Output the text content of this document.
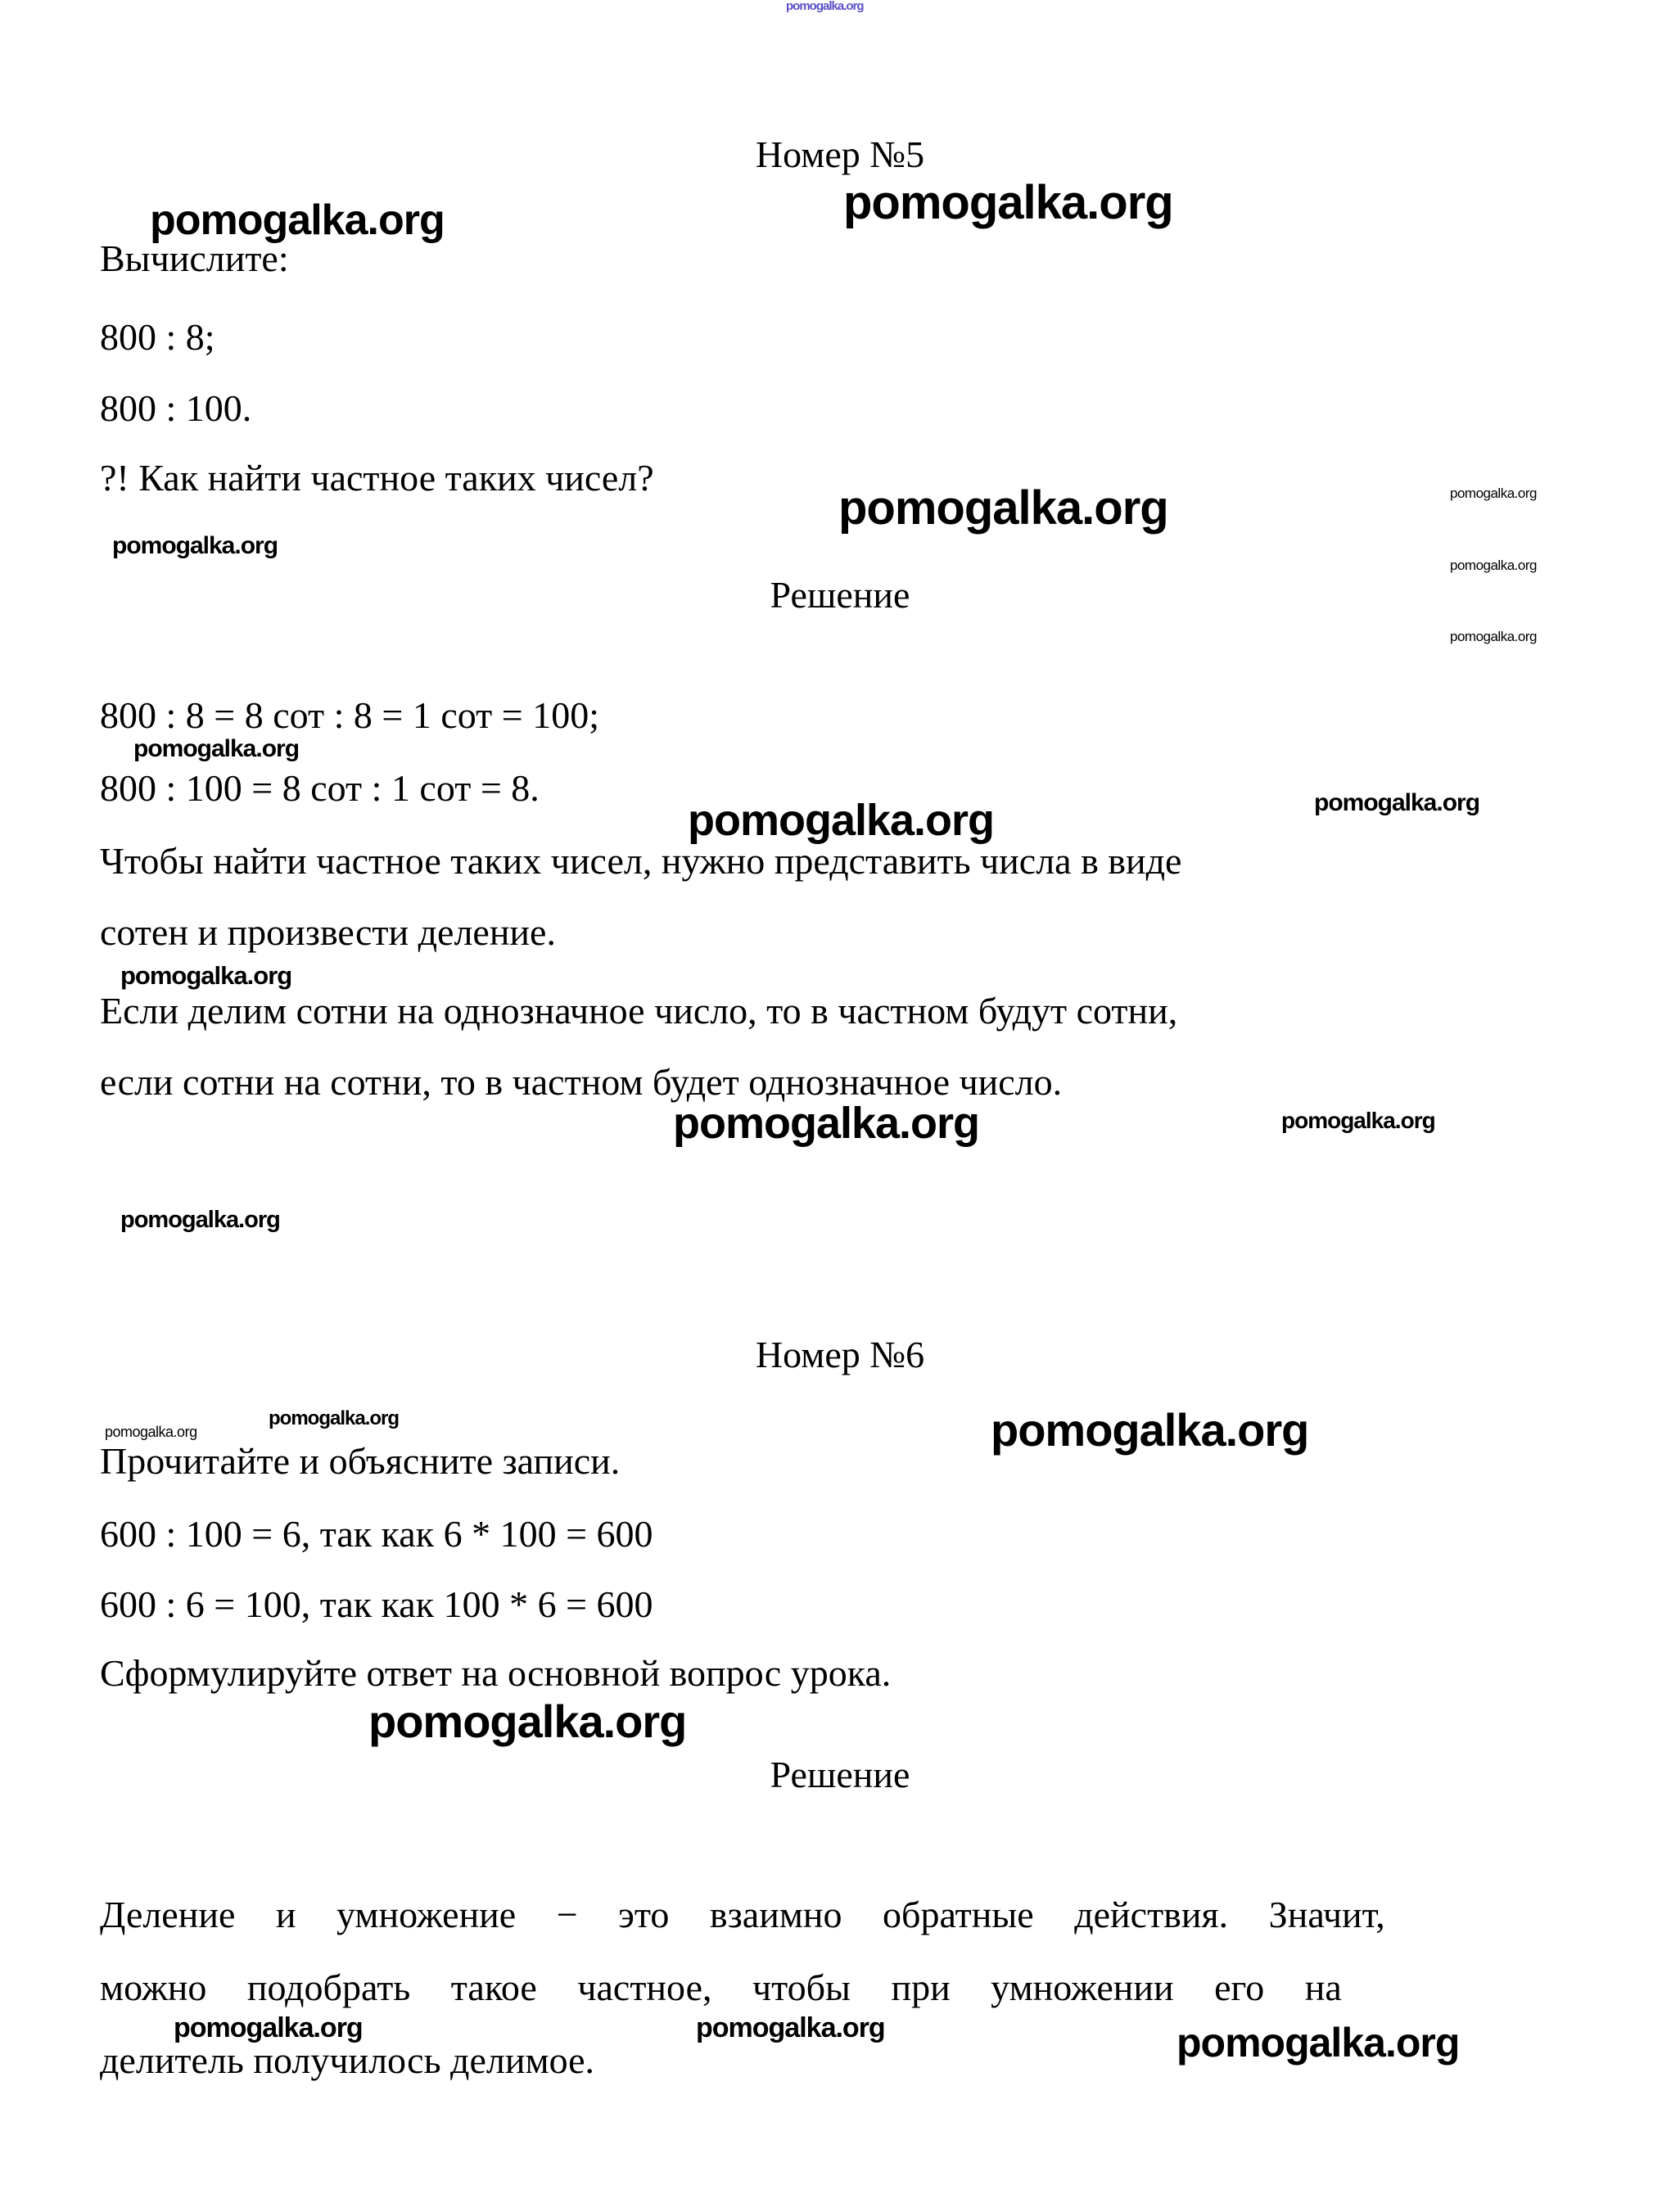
pomogalka.org
pomogalka.org	pomogalka.org
pomogalka.org	pomogalka.org
pomogalka.org
pomogalka.org
pomogalka.org
pomogalka.org
pomogalka.org	pomogalka.org
pomogalka.org
pomogalka.org	pomogalka.org
pomogalka.org
pomogalka.org
pomogalka.org	pomogalka.org
pomogalka.org
pomogalka.org	pomogalka.org	pomogalka.org
Номер №5
Вычислите:
800 : 8;
800 : 100.
?! Как найти частное таких чисел?
Решение
800 : 8 = 8 сот : 8 = 1 сот = 100;
800 : 100 = 8 сот : 1 сот = 8.
Чтобы найти частное таких чисел, нужно представить числа в виде
сотен и произвести деление.
Если делим сотни на однозначное число, то в частном будут сотни,
если сотни на сотни, то в частном будет однозначное число.
Номер №6
Прочитайте и объясните записи.
600 : 100 = 6, так как 6 * 100 = 600
600 : 6 = 100, так как 100 * 6 = 600
Сформулируйте ответ на основной вопрос урока.
Решение
Деление и умножение − это взаимно обратные действия. Значит,
можно подобрать такое частное, чтобы при умножении его на
делитель получилось делимое.
